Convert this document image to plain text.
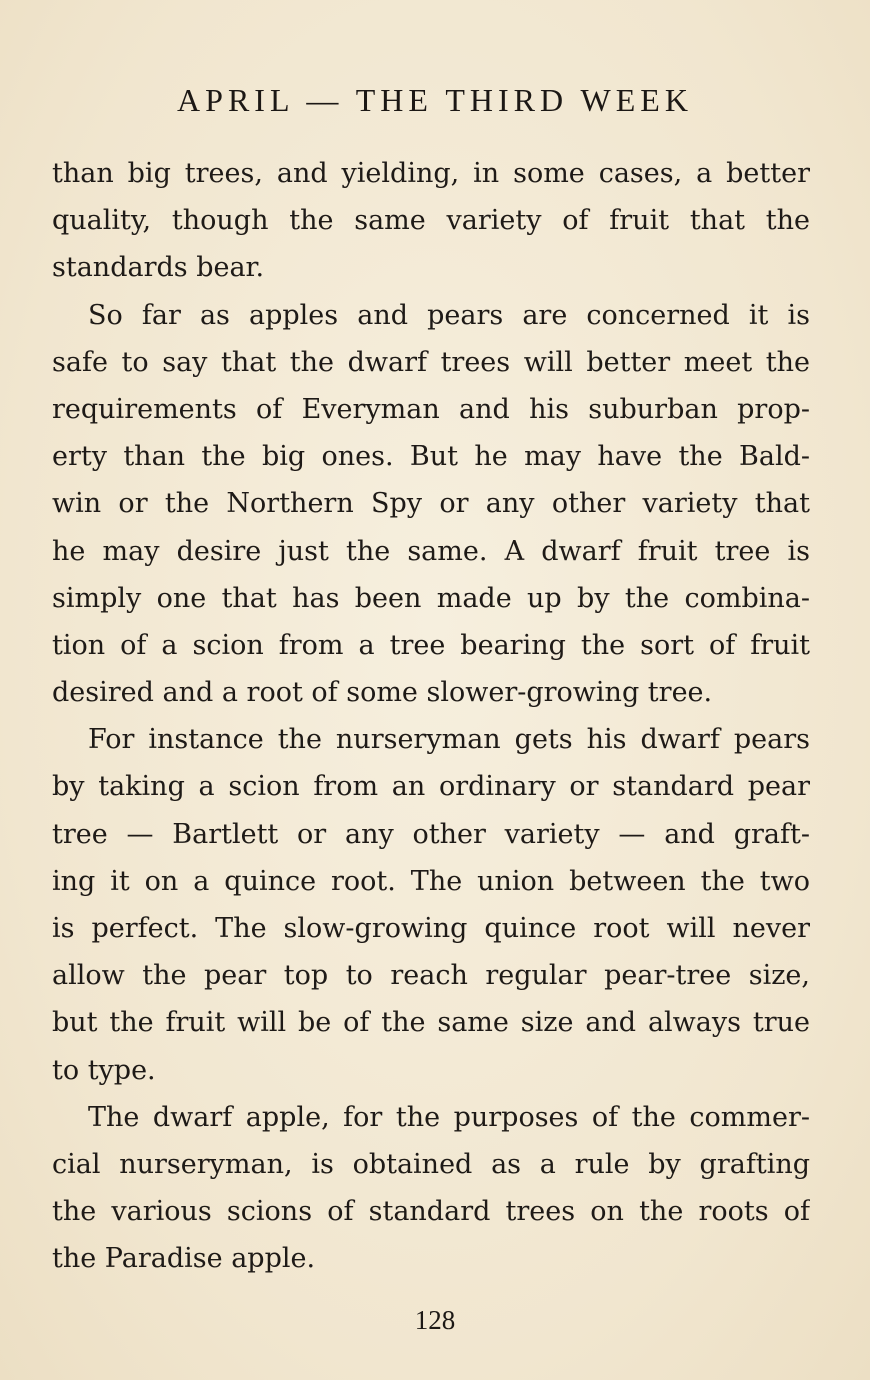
APRIL — THE THIRD WEEK
than big trees, and yielding, in some cases, a better
quality, though the same variety of fruit that the
standards bear.
So far as apples and pears are concerned it is
safe to say that the dwarf trees will better meet the
requirements of Everyman and his suburban prop-
erty than the big ones. But he may have the Bald-
win or the Northern Spy or any other variety that
he may desire just the same. A dwarf fruit tree is
simply one that has been made up by the combina-
tion of a scion from a tree bearing the sort of fruit
desired and a root of some slower-growing tree.
For instance the nurseryman gets his dwarf pears
by taking a scion from an ordinary or standard pear
tree — Bartlett or any other variety — and graft-
ing it on a quince root. The union between the two
is perfect. The slow-growing quince root will never
allow the pear top to reach regular pear-tree size,
but the fruit will be of the same size and always true
to type.
The dwarf apple, for the purposes of the commer-
cial nurseryman, is obtained as a rule by grafting
the various scions of standard trees on the roots of
the Paradise apple.
128
